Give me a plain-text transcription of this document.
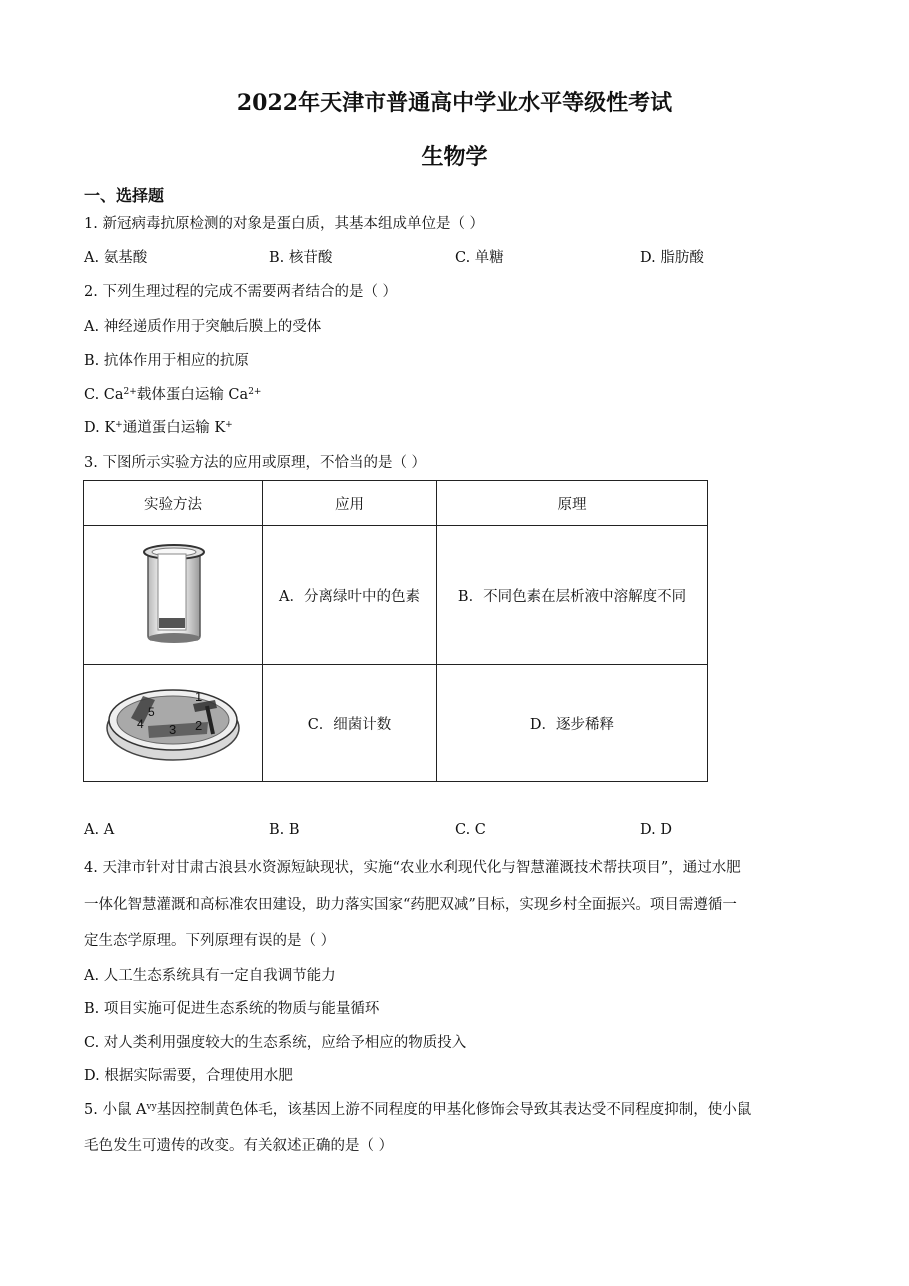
2022年天津市普通高中学业水平等级性考试
生物学
一、选择题
1. 新冠病毒抗原检测的对象是蛋白质，其基本组成单位是（ ）
A. 氨基酸	B. 核苷酸	C. 单糖	D. 脂肪酸
2. 下列生理过程的完成不需要两者结合的是（ ）
A. 神经递质作用于突触后膜上的受体
B. 抗体作用于相应的抗原
C. $Ca^{2+}$载体蛋白运输 $Ca^{2+}$
D. K+通道蛋白运输 K+
3. 下图所示实验方法的应用或原理，不恰当的是（ ）
实验方法	应用	原理
	A．分离绿叶中的色素	B．不同色素在层析液中溶解度不同

1
2
3
4
5	C．细菌计数	D．逐步稀释
A. A	B. B	C. C	D. D
4. 天津市针对甘肃古浪县水资源短缺现状，实施“农业水利现代化与智慧灌溉技术帮扶项目”，通过水肥
一体化智慧灌溉和高标准农田建设，助力落实国家“药肥双减”目标，实现乡村全面振兴。项目需遵循一
定生态学原理。下列原理有误的是（ ）
A. 人工生态系统具有一定自我调节能力
B. 项目实施可促进生态系统的物质与能量循环
C. 对人类利用强度较大的生态系统，应给予相应的物质投入
D. 根据实际需要，合理使用水肥
5. 小鼠 $A^{vy}$基因控制黄色体毛，该基因上游不同程度的甲基化修饰会导致其表达受不同程度抑制，使小鼠
毛色发生可遗传的改变。有关叙述正确的是（ ）
